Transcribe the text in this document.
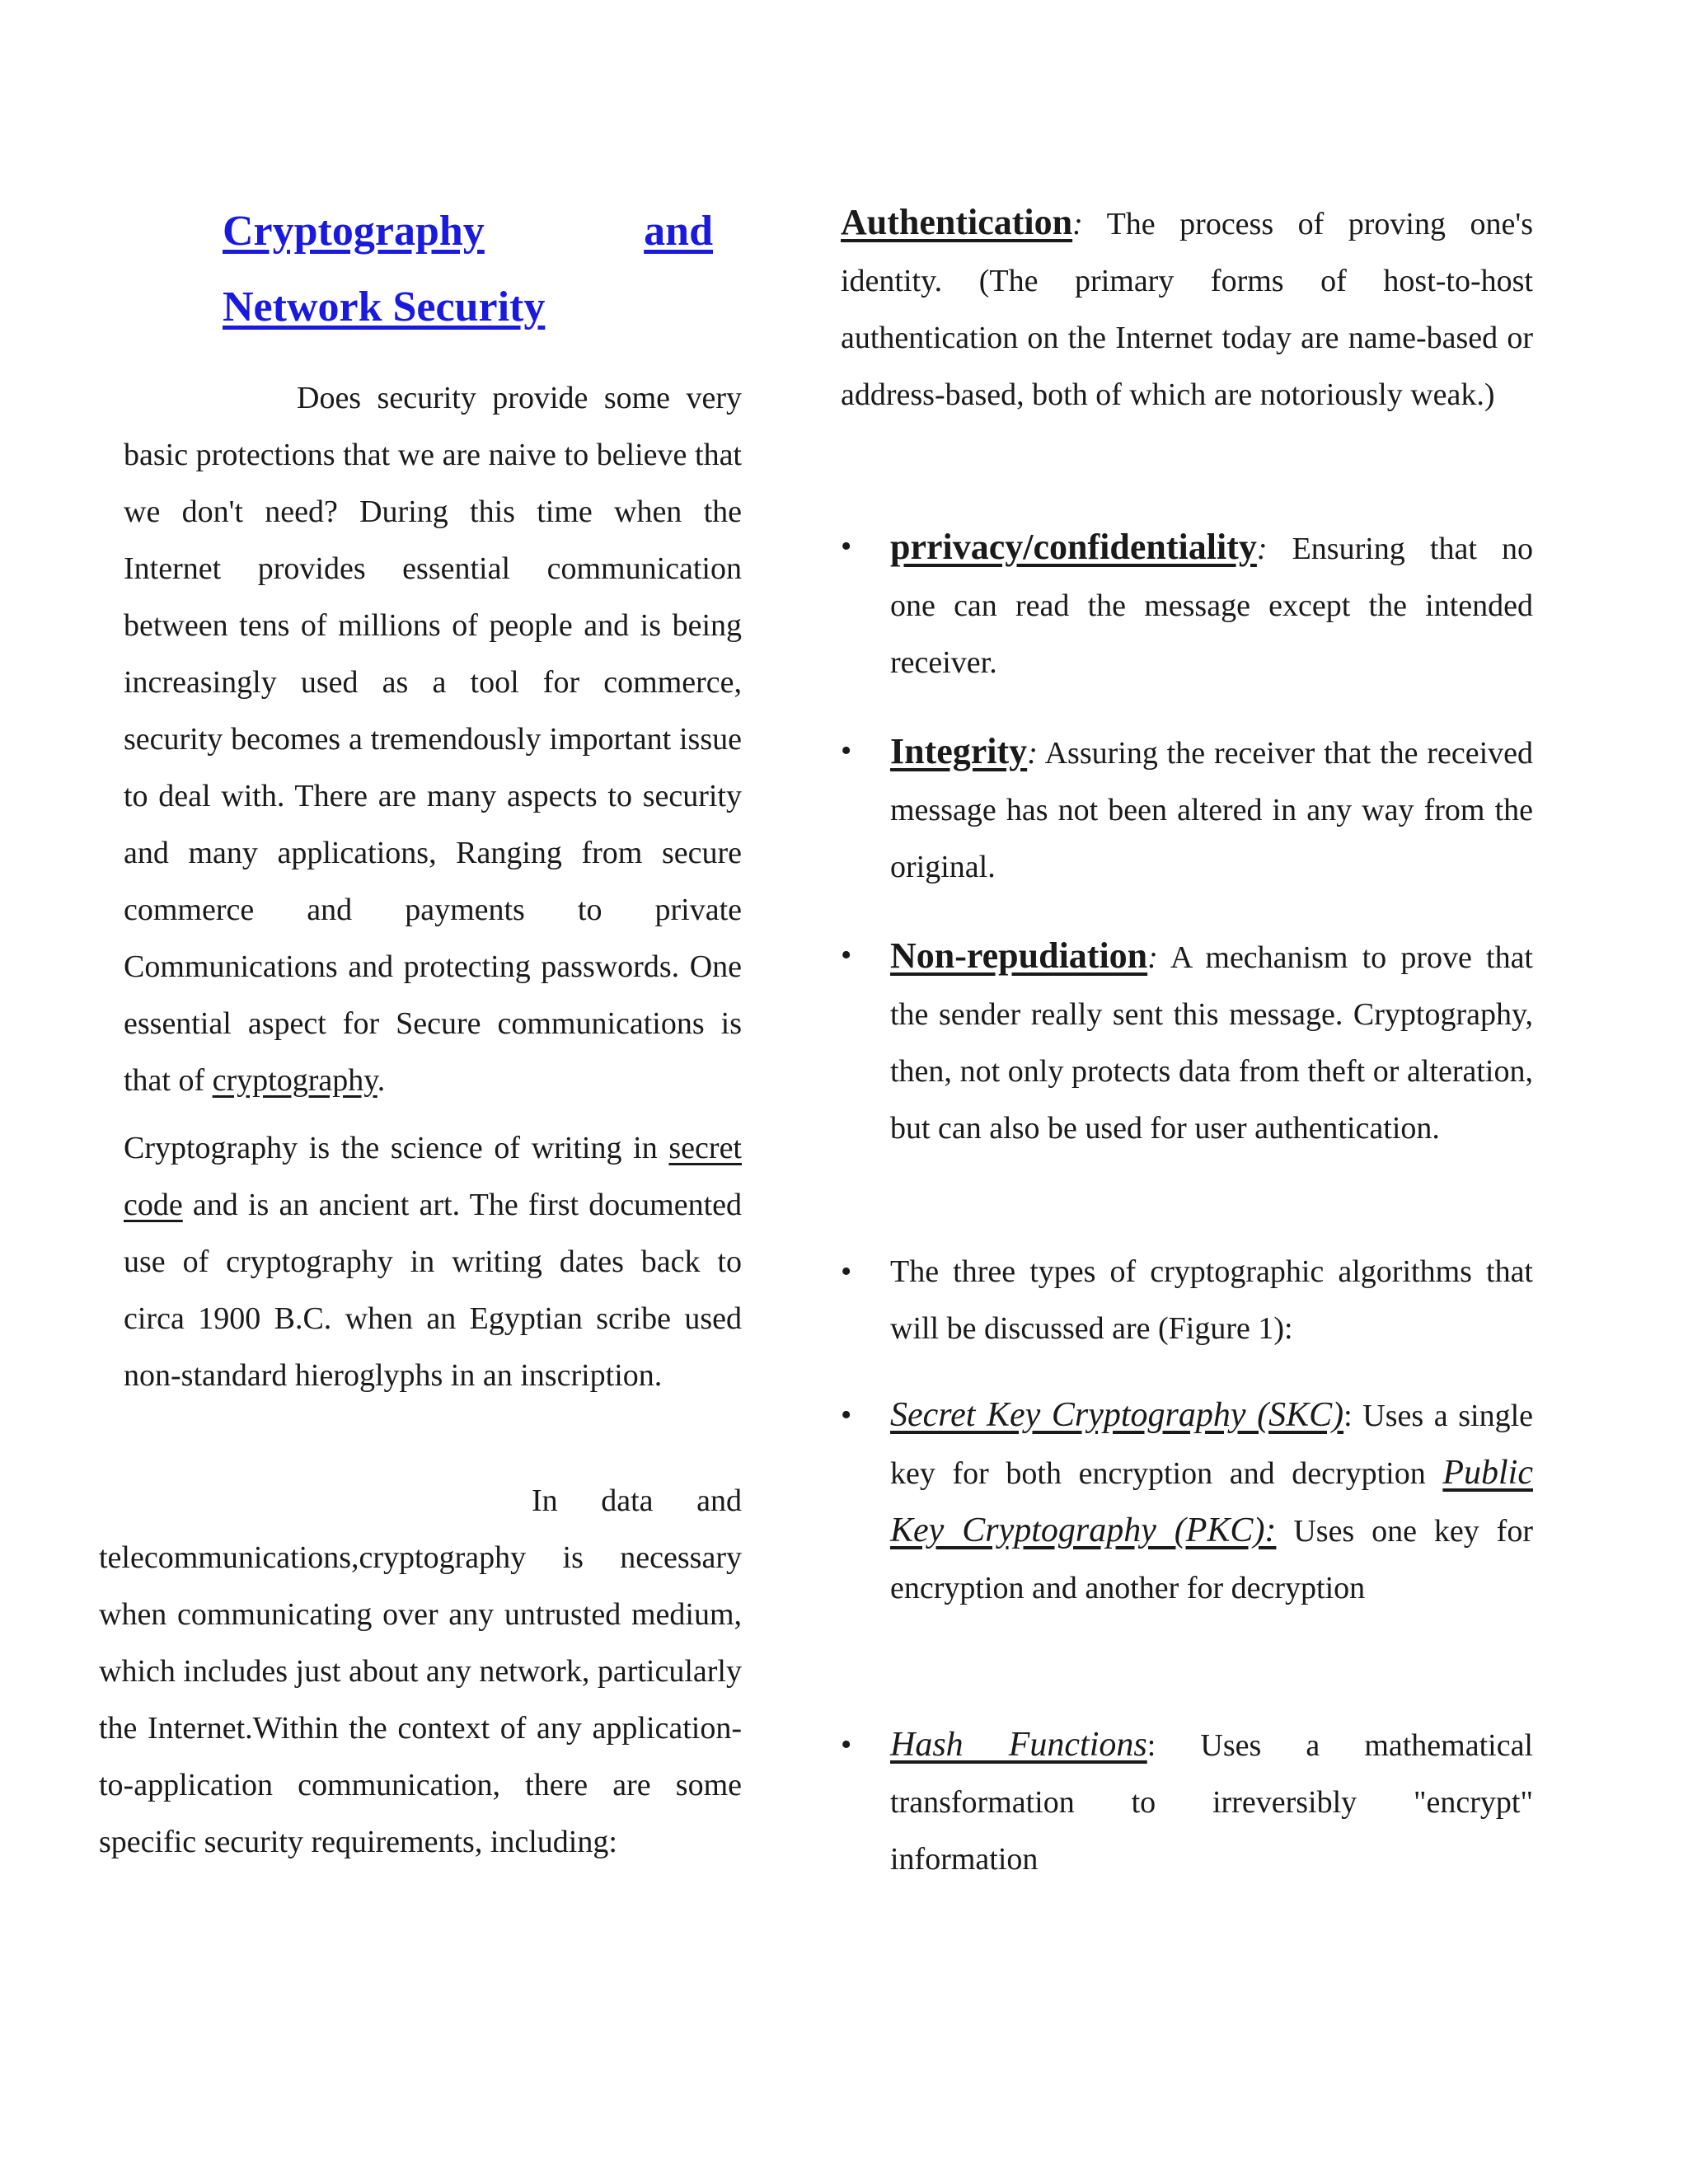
Cryptography	and
Network Security
Does security provide some very basic protections that we are naive to believe that we don't need? During this time when the Internet provides essential communication between tens of millions of people and is being increasingly used as a tool for commerce, security becomes a tremendously important issue to deal with. There are many aspects to security and many applications, Ranging from secure commerce and payments to private Communications and protecting passwords. One essential aspect for Secure communications is that of cryptography.
Cryptography is the science of writing in secret code and is an ancient art. The first documented use of cryptography in writing dates back to circa 1900 B.C. when an Egyptian scribe used non-standard hieroglyphs in an inscription.
In data and telecommunications,cryptography is necessary when communicating over any untrusted medium, which includes just about any network, particularly the Internet.Within the context of any application-to-application communication, there are some specific security requirements, including:
Authentication: The process of proving one's identity. (The primary forms of host-to-host authentication on the Internet today are name-based or address-based, both of which are notoriously weak.)
•	prrivacy/confidentiality: Ensuring that no one can read the message except the intended receiver.
•	Integrity: Assuring the receiver that the received message has not been altered in any way from the original.
•	Non-repudiation: A mechanism to prove that the sender really sent this message. Cryptography, then, not only protects data from theft or alteration, but can also be used for user authentication.
•	The three types of cryptographic algorithms that will be discussed are (Figure 1):
•	Secret Key Cryptography (SKC): Uses a single key for both encryption and decryption Public Key Cryptography (PKC): Uses one key for encryption and another for decryption
•	Hash Functions: Uses a mathematical transformation to irreversibly "encrypt" information
